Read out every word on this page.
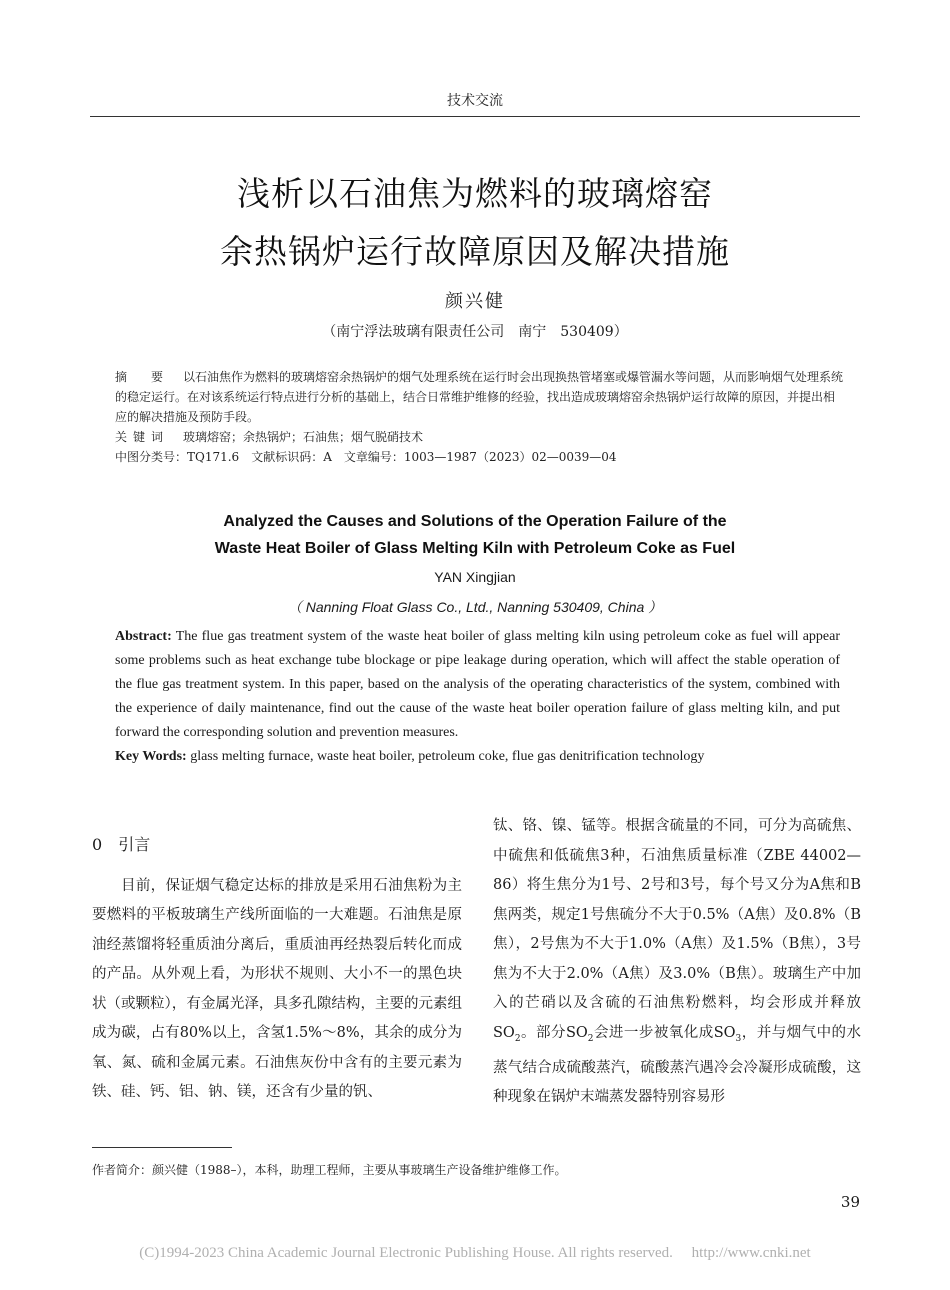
技术交流
浅析以石油焦为燃料的玻璃熔窑
余热锅炉运行故障原因及解决措施
颜兴健
（南宁浮法玻璃有限责任公司　南宁　530409）

摘　要 以石油焦作为燃料的玻璃熔窑余热锅炉的烟气处理系统在运行时会出现换热管堵塞或爆管漏水等问题，从而影响烟气处理系统的稳定运行。在对该系统运行特点进行分析的基础上，结合日常维护维修的经验，找出造成玻璃熔窑余热锅炉运行故障的原因，并提出相应的解决措施及预防手段。

关键词 玻璃熔窑；余热锅炉；石油焦；烟气脱硝技术

中图分类号：TQ171.6　文献标识码：A　文章编号：1003—1987（2023）02—0039—04

Analyzed the Causes and Solutions of the Operation Failure of the
Waste Heat Boiler of Glass Melting Kiln with Petroleum Coke as Fuel
YAN Xingjian
（ Nanning Float Glass Co., Ltd., Nanning 530409, China ）

Abstract: The flue gas treatment system of the waste heat boiler of glass melting kiln using petroleum coke as fuel will appear some problems such as heat exchange tube blockage or pipe leakage during operation, which will affect the stable operation of the flue gas treatment system. In this paper, based on the analysis of the operating characteristics of the system, combined with the experience of daily maintenance, find out the cause of the waste heat boiler operation failure of glass melting kiln, and put forward the corresponding solution and prevention measures.

Key Words: glass melting furnace, waste heat boiler, petroleum coke, flue gas denitrification technology

0 引言

目前，保证烟气稳定达标的排放是采用石油焦粉为主要燃料的平板玻璃生产线所面临的一大难题。石油焦是原油经蒸馏将轻重质油分离后，重质油再经热裂后转化而成的产品。从外观上看，为形状不规则、大小不一的黑色块状（或颗粒），有金属光泽，具多孔隙结构，主要的元素组成为碳，占有80%以上，含氢1.5%～8%，其余的成分为氧、氮、硫和金属元素。石油焦灰份中含有的主要元素为铁、硅、钙、铝、钠、镁，还含有少量的钒、

钛、铬、镍、锰等。根据含硫量的不同，可分为高硫焦、中硫焦和低硫焦3种，石油焦质量标准（ZBE 44002—86）将生焦分为1号、2号和3号，每个号又分为A焦和B焦两类，规定1号焦硫分不大于0.5%（A焦）及0.8%（B焦），2号焦为不大于1.0%（A焦）及1.5%（B焦），3号焦为不大于2.0%（A焦）及3.0%（B焦）。玻璃生产中加入的芒硝以及含硫的石油焦粉燃料，均会形成并释放$SO_2$。部分$SO_2$会进一步被氧化成$SO_3$，并与烟气中的水蒸气结合成硫酸蒸汽，硫酸蒸汽遇冷会冷凝形成硫酸，这种现象在锅炉末端蒸发器特别容易形

作者简介：颜兴健（1988–），本科，助理工程师，主要从事玻璃生产设备维护维修工作。
39
(C)1994-2023 China Academic Journal Electronic Publishing House. All rights reserved.　 http://www.cnki.net
